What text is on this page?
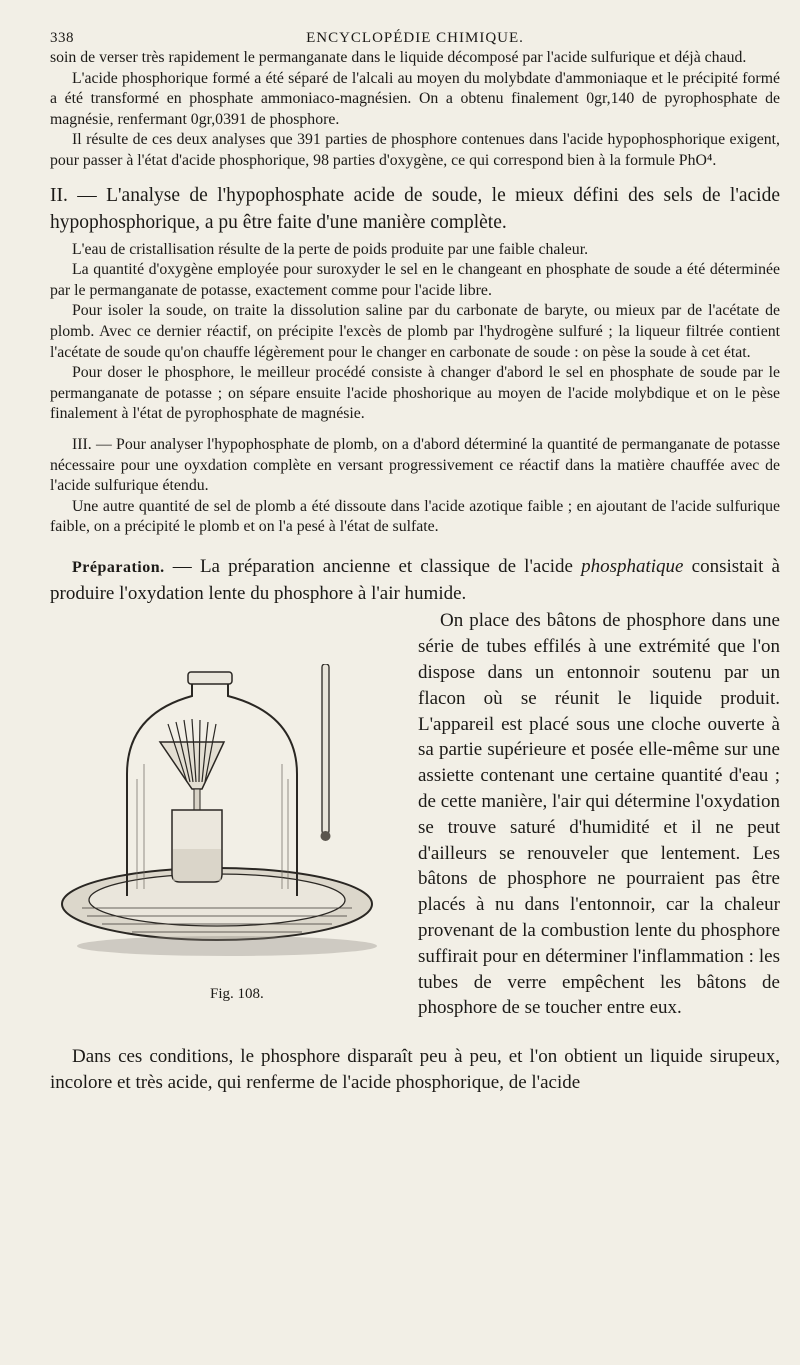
338	ENCYCLOPÉDIE CHIMIQUE.

soin de verser très rapidement le permanganate dans le liquide décomposé par l'acide sulfurique et déjà chaud.

L'acide phosphorique formé a été séparé de l'alcali au moyen du molybdate d'ammoniaque et le précipité formé a été transformé en phosphate ammoniaco-magnésien. On a obtenu finalement 0gr,140 de pyrophosphate de magnésie, renfermant 0gr,0391 de phosphore.

Il résulte de ces deux analyses que 391 parties de phosphore contenues dans l'acide hypophosphorique exigent, pour passer à l'état d'acide phosphorique, 98 parties d'oxygène, ce qui correspond bien à la formule PhO⁴.

II. — L'analyse de l'hypophosphate acide de soude, le mieux défini des sels de l'acide hypophosphorique, a pu être faite d'une manière complète.

L'eau de cristallisation résulte de la perte de poids produite par une faible chaleur.

La quantité d'oxygène employée pour suroxyder le sel en le changeant en phosphate de soude a été déterminée par le permanganate de potasse, exactement comme pour l'acide libre.

Pour isoler la soude, on traite la dissolution saline par du carbonate de baryte, ou mieux par de l'acétate de plomb. Avec ce dernier réactif, on précipite l'excès de plomb par l'hydrogène sulfuré ; la liqueur filtrée contient l'acétate de soude qu'on chauffe légèrement pour le changer en carbonate de soude : on pèse la soude à cet état.

Pour doser le phosphore, le meilleur procédé consiste à changer d'abord le sel en phosphate de soude par le permanganate de potasse ; on sépare ensuite l'acide phoshorique au moyen de l'acide molybdique et on le pèse finalement à l'état de pyrophosphate de magnésie.

III. — Pour analyser l'hypophosphate de plomb, on a d'abord déterminé la quantité de permanganate de potasse nécessaire pour une oyxdation complète en versant progressivement ce réactif dans la matière chauffée avec de l'acide sulfurique étendu.

Une autre quantité de sel de plomb a été dissoute dans l'acide azotique faible ; en ajoutant de l'acide sulfurique faible, on a précipité le plomb et on l'a pesé à l'état de sulfate.

Préparation. — La préparation ancienne et classique de l'acide phosphatique consistait à produire l'oxydation lente du phosphore à l'air humide.

Fig. 108.
On place des bâtons de phosphore dans une série de tubes effilés à une extrémité que l'on dispose dans un entonnoir soutenu par un flacon où se réunit le liquide produit. L'appareil est placé sous une cloche ouverte à sa partie supérieure et posée elle-même sur une assiette contenant une certaine quantité d'eau ; de cette manière, l'air qui détermine l'oxydation se trouve saturé d'humidité et il ne peut d'ailleurs se renouveler que lentement. Les bâtons de phosphore ne pourraient pas être placés à nu dans l'entonnoir, car la chaleur provenant de la combustion lente du phosphore suffirait pour en déterminer l'inflammation : les tubes de verre empêchent les bâtons de phosphore de se toucher entre eux.

Dans ces conditions, le phosphore disparaît peu à peu, et l'on obtient un liquide sirupeux, incolore et très acide, qui renferme de l'acide phosphorique, de l'acide
